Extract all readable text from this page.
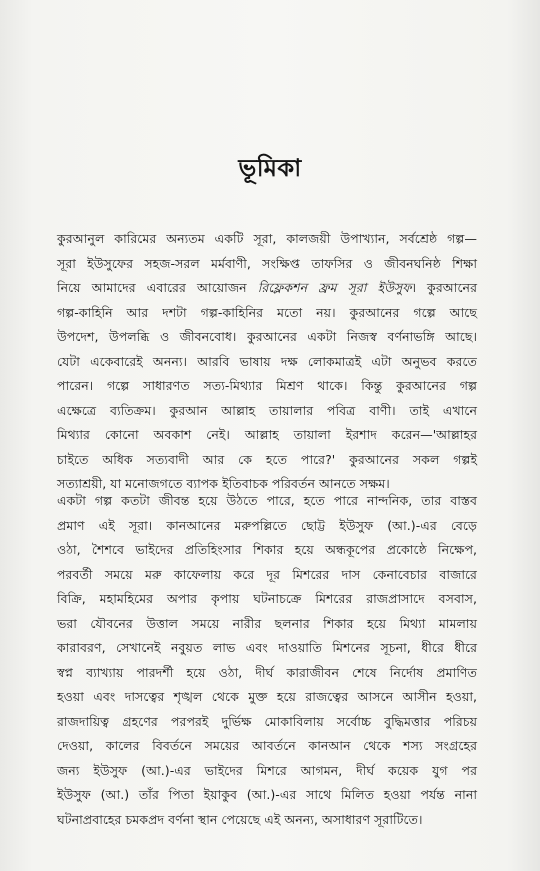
ভূমিকা

কুরআনুল কারিমের অন্যতম একটি সূরা, কালজয়ী উপাখ্যান, সর্বশ্রেষ্ঠ গল্প—
সূরা ইউসুফের সহজ-সরল মর্মবাণী, সংক্ষিপ্ত তাফসির ও জীবনঘনিষ্ঠ শিক্ষা
নিয়ে আমাদের এবারের আয়োজন রিফ্লেকশন ফ্রম সূরা ইউসুফ। কুরআনের
গল্প-কাহিনি আর দশটা গল্প-কাহিনির মতো নয়। কুরআনের গল্পে আছে
উপদেশ, উপলব্ধি ও জীবনবোধ। কুরআনের একটা নিজস্ব বর্ণনাভঙ্গি আছে।
যেটা একেবারেই অনন্য। আরবি ভাষায় দক্ষ লোকমাত্রই এটা অনুভব করতে
পারেন। গল্পে সাধারণত সত্য-মিথ্যার মিশ্রণ থাকে। কিন্তু কুরআনের গল্প
এক্ষেত্রে ব্যতিক্রম। কুরআন আল্লাহ তায়ালার পবিত্র বাণী। তাই এখানে
মিথ্যার কোনো অবকাশ নেই। আল্লাহ তায়ালা ইরশাদ করেন—'আল্লাহর
চাইতে অধিক সত্যবাদী আর কে হতে পারে?' কুরআনের সকল গল্পই
সত্যাশ্রয়ী, যা মনোজগতে ব্যাপক ইতিবাচক পরিবর্তন আনতে সক্ষম।

একটা গল্প কতটা জীবন্ত হয়ে উঠতে পারে, হতে পারে নান্দনিক, তার বাস্তব
প্রমাণ এই সূরা। কানআনের মরুপল্লিতে ছোট্ট ইউসুফ (আ.)-এর বেড়ে
ওঠা, শৈশবে ভাইদের প্রতিহিংসার শিকার হয়ে অন্ধকূপের প্রকোষ্ঠে নিক্ষেপ,
পরবর্তী সময়ে মরু কাফেলায় করে দূর মিশরের দাস কেনাবেচার বাজারে
বিক্রি, মহামহিমের অপার কৃপায় ঘটনাচক্রে মিশরের রাজপ্রাসাদে বসবাস,
ভরা যৌবনের উত্তাল সময়ে নারীর ছলনার শিকার হয়ে মিথ্যা মামলায়
কারাবরণ, সেখানেই নবুয়ত লাভ এবং দাওয়াতি মিশনের সূচনা, ধীরে ধীরে
স্বপ্ন ব্যাখ্যায় পারদর্শী হয়ে ওঠা, দীর্ঘ কারাজীবন শেষে নির্দোষ প্রমাণিত
হওয়া এবং দাসত্বের শৃঙ্খল থেকে মুক্ত হয়ে রাজত্বের আসনে আসীন হওয়া,
রাজদায়িত্ব গ্রহণের পরপরই দুর্ভিক্ষ মোকাবিলায় সর্বোচ্চ বুদ্ধিমত্তার পরিচয়
দেওয়া, কালের বিবর্তনে সময়ের আবর্তনে কানআন থেকে শস্য সংগ্রহের
জন্য ইউসুফ (আ.)-এর ভাইদের মিশরে আগমন, দীর্ঘ কয়েক যুগ পর
ইউসুফ (আ.) তাঁর পিতা ইয়াকুব (আ.)-এর সাথে মিলিত হওয়া পর্যন্ত নানা
ঘটনাপ্রবাহের চমকপ্রদ বর্ণনা স্থান পেয়েছে এই অনন্য, অসাধারণ সূরাটিতে।
